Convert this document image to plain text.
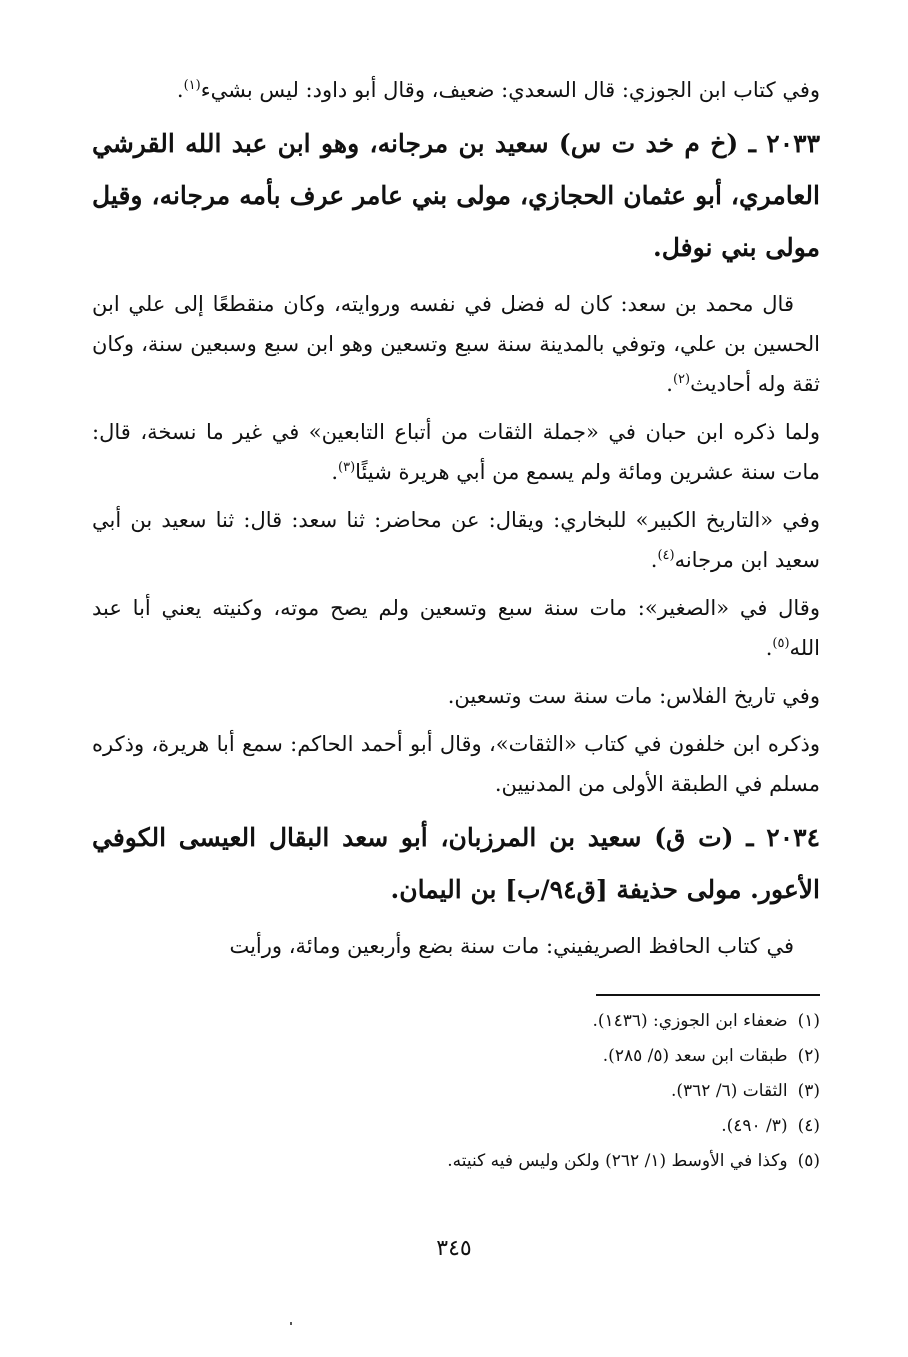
وفي كتاب ابن الجوزي: قال السعدي: ضعيف، وقال أبو داود: ليس بشيء$^{(١)}$.

٢٠٣٣ ـ (خ م خد ت س) سعيد بن مرجانه، وهو ابن عبد الله القرشي العامري، أبو عثمان الحجازي، مولى بني عامر عرف بأمه مرجانه، وقيل مولى بني نوفل.

قال محمد بن سعد: كان له فضل في نفسه وروايته، وكان منقطعًا إلى علي ابن الحسين بن علي، وتوفي بالمدينة سنة سبع وتسعين وهو ابن سبع وسبعين سنة، وكان ثقة وله أحاديث$^{(٢)}$.

ولما ذكره ابن حبان في «جملة الثقات من أتباع التابعين» في غير ما نسخة، قال: مات سنة عشرين ومائة ولم يسمع من أبي هريرة شيئًا$^{(٣)}$.

وفي «التاريخ الكبير» للبخاري: ويقال: عن محاضر: ثنا سعد: قال: ثنا سعيد بن أبي سعيد ابن مرجانه$^{(٤)}$.

وقال في «الصغير»: مات سنة سبع وتسعين ولم يصح موته، وكنيته يعني أبا عبد الله$^{(٥)}$.

وفي تاريخ الفلاس: مات سنة ست وتسعين.

وذكره ابن خلفون في كتاب «الثقات»، وقال أبو أحمد الحاكم: سمع أبا هريرة، وذكره مسلم في الطبقة الأولى من المدنيين.

٢٠٣٤ ـ (ت ق) سعيد بن المرزبان، أبو سعد البقال العيسى الكوفي الأعور. مولى حذيفة [ق٩٤/ب] بن اليمان.

في كتاب الحافظ الصريفيني: مات سنة بضع وأربعين ومائة، ورأيت

(١)ضعفاء ابن الجوزي: (١٤٣٦).
(٢)طبقات ابن سعد (٥/ ٢٨٥).
(٣)الثقات (٦/ ٣٦٢).
(٤)(٣/ ٤٩٠).
(٥)وكذا في الأوسط (١/ ٢٦٢) ولكن وليس فيه كنيته.
٣٤٥
